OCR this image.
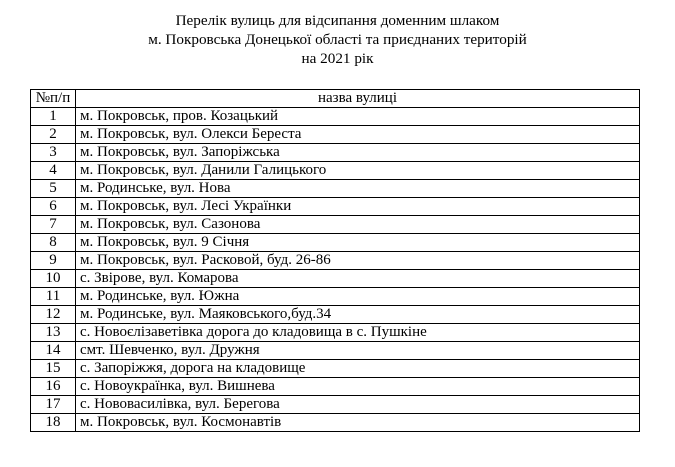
Перелік вулиць для відсипання доменним шлаком
м. Покровська Донецької області та приєднаних територій
на 2021 рік
№п/п	назва вулиці
1	м. Покровськ, пров. Козацький
2	м. Покровськ, вул. Олекси Береста
3	м. Покровськ, вул. Запоріжська
4	м. Покровськ, вул. Данили Галицького
5	м. Родинське, вул. Нова
6	м. Покровськ, вул. Лесі Українки
7	м. Покровськ, вул. Сазонова
8	м. Покровськ, вул. 9 Січня
9	м. Покровськ, вул. Расковой, буд. 26-86
10	с. Звірове, вул. Комарова
11	м. Родинське, вул. Южна
12	м. Родинське, вул. Маяковського,буд.34
13	с. Новоєлізаветівка дорога до кладовища в с. Пушкіне
14	смт. Шевченко, вул. Дружня
15	с. Запоріжжя, дорога на кладовище
16	с. Новоукраїнка, вул. Вишнева
17	с. Нововасилівка, вул. Берегова
18	м. Покровськ, вул. Космонавтів
